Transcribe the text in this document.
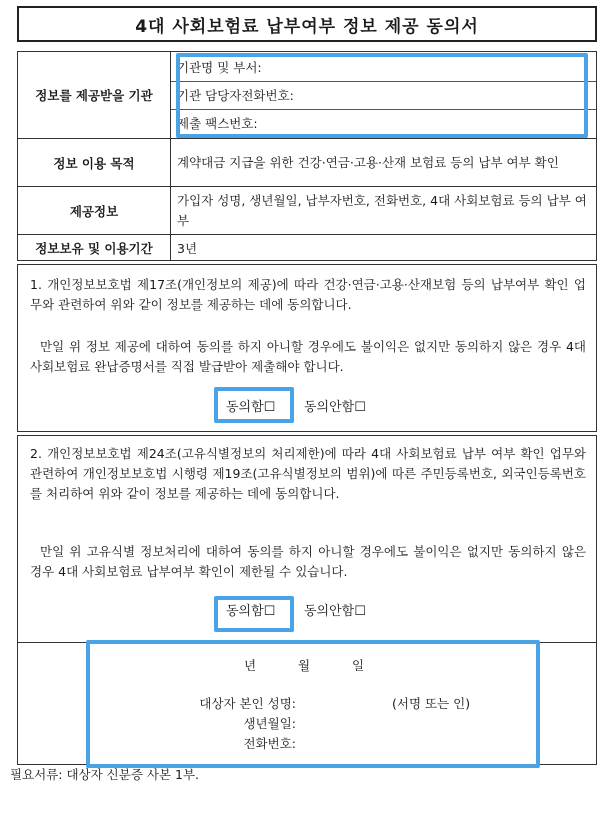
4대 사회보험료 납부여부 정보 제공 동의서
정보를 제공받을 기관	기관명 및 부서:
기관 담당자전화번호:
제출 팩스번호:

정보 이용 목적	계약대금 지급을 위한 건강·연금·고용·산재 보험료 등의 납부 여부 확인
제공정보	가입자 성명, 생년월일, 납부자번호, 전화번호, 4대 사회보험료 등의 납부 여부
정보보유 및 이용기간	3년
1. 개인정보보호법 제17조(개인정보의 제공)에 따라 건강·연금·고용·산재보험 등의 납부여부 확인 업무와 관련하여 위와 같이 정보를 제공하는 데에 동의합니다.
만일 위 정보 제공에 대하여 동의를 하지 아니할 경우에도 불이익은 없지만 동의하지 않은 경우 4대 사회보험료 완납증명서를 직접 발급받아 제출해야 합니다.
동의함☐ 동의안함☐
2. 개인정보보호법 제24조(고유식별정보의 처리제한)에 따라 4대 사회보험료 납부 여부 확인 업무와 관련하여 개인정보보호법 시행령 제19조(고유식별정보의 범위)에 따른 주민등록번호, 외국인등록번호를 처리하여 위와 같이 정보를 제공하는 데에 동의합니다.
만일 위 고유식별 정보처리에 대하여 동의를 하지 아니할 경우에도 불이익은 없지만 동의하지 않은 경우 4대 사회보험료 납부여부 확인이 제한될 수 있습니다.
동의함☐ 동의안함☐
년	월	일
대상자 본인 성명:	(서명 또는 인)
생년월일:
전화번호:
필요서류: 대상자 신분증 사본 1부.
